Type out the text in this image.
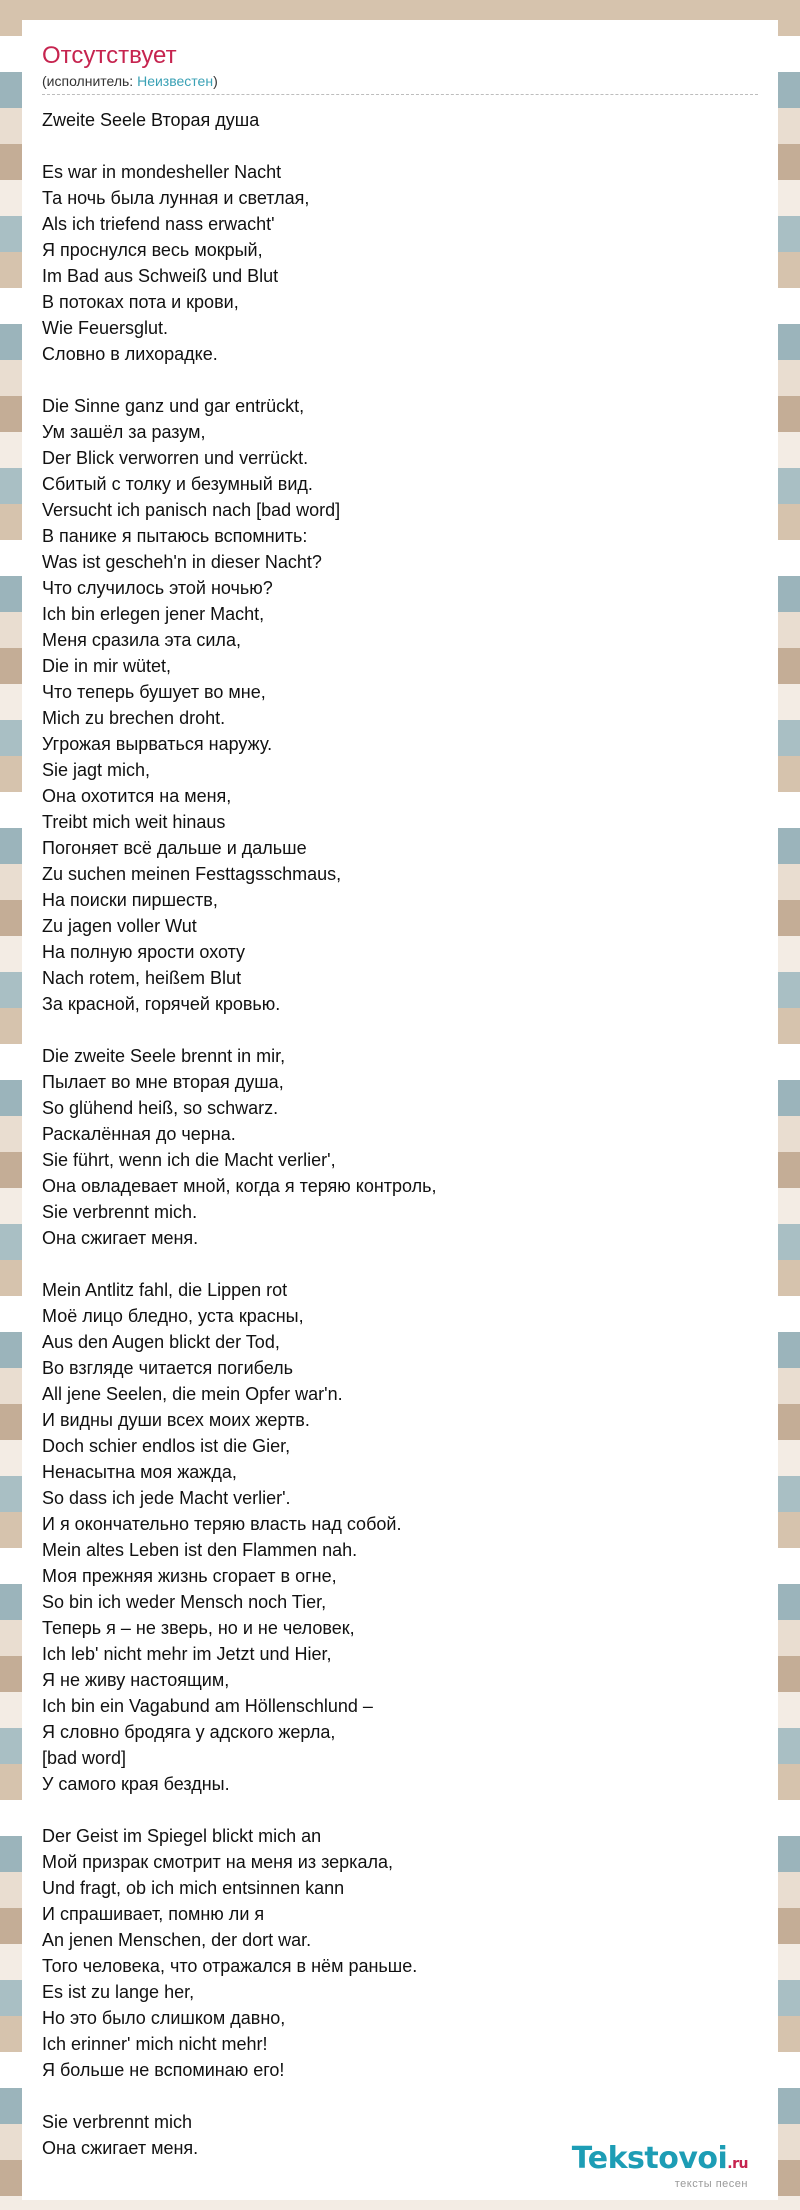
Отсутствует
(исполнитель: Неизвестен)
Zweite Seele Вторая душа
Es war in mondesheller Nacht
Та ночь была лунная и светлая,
Als ich triefend nass erwacht'
Я проснулся весь мокрый,
Im Bad aus Schweiß und Blut
В потоках пота и крови,
Wie Feuersglut.
Словно в лихорадке.
Die Sinne ganz und gar entrückt,
Ум зашёл за разум,
Der Blick verworren und verrückt.
Сбитый с толку и безумный вид.
Versucht ich panisch nach [bad word]
В панике я пытаюсь вспомнить:
Was ist gescheh'n in dieser Nacht?
Что случилось этой ночью?
Ich bin erlegen jener Macht,
Меня сразила эта сила,
Die in mir wütet,
Что теперь бушует во мне,
Mich zu brechen droht.
Угрожая вырваться наружу.
Sie jagt mich,
Она охотится на меня,
Treibt mich weit hinaus
Погоняет всё дальше и дальше
Zu suchen meinen Festtagsschmaus,
На поиски пиршеств,
Zu jagen voller Wut
На полную ярости охоту
Nach rotem, heißem Blut
За красной, горячей кровью.
Die zweite Seele brennt in mir,
Пылает во мне вторая душа,
So glühend heiß, so schwarz.
Раскалённая до черна.
Sie führt, wenn ich die Macht verlier',
Она овладевает мной, когда я теряю контроль,
Sie verbrennt mich.
Она сжигает меня.
Mein Antlitz fahl, die Lippen rot
Моё лицо бледно, уста красны,
Aus den Augen blickt der Tod,
Во взгляде читается погибель
All jene Seelen, die mein Opfer war'n.
И видны души всех моих жертв.
Doch schier endlos ist die Gier,
Ненасытна моя жажда,
So dass ich jede Macht verlier'.
И я окончательно теряю власть над собой.
Mein altes Leben ist den Flammen nah.
Моя прежняя жизнь сгорает в огне,
So bin ich weder Mensch noch Tier,
Теперь я – не зверь, но и не человек,
Ich leb' nicht mehr im Jetzt und Hier,
Я не живу настоящим,
Ich bin ein Vagabund am Höllenschlund –
Я словно бродяга у адского жерла,
[bad word]
У самого края бездны.
Der Geist im Spiegel blickt mich an
Мой призрак смотрит на меня из зеркала,
Und fragt, ob ich mich entsinnen kann
И спрашивает, помню ли я
An jenen Menschen, der dort war.
Того человека, что отражался в нём раньше.
Es ist zu lange her,
Но это было слишком давно,
Ich erinner' mich nicht mehr!
Я больше не вспоминаю его!
Sie verbrennt mich
Она сжигает меня.	Tekstovoi.ru
тексты песен
